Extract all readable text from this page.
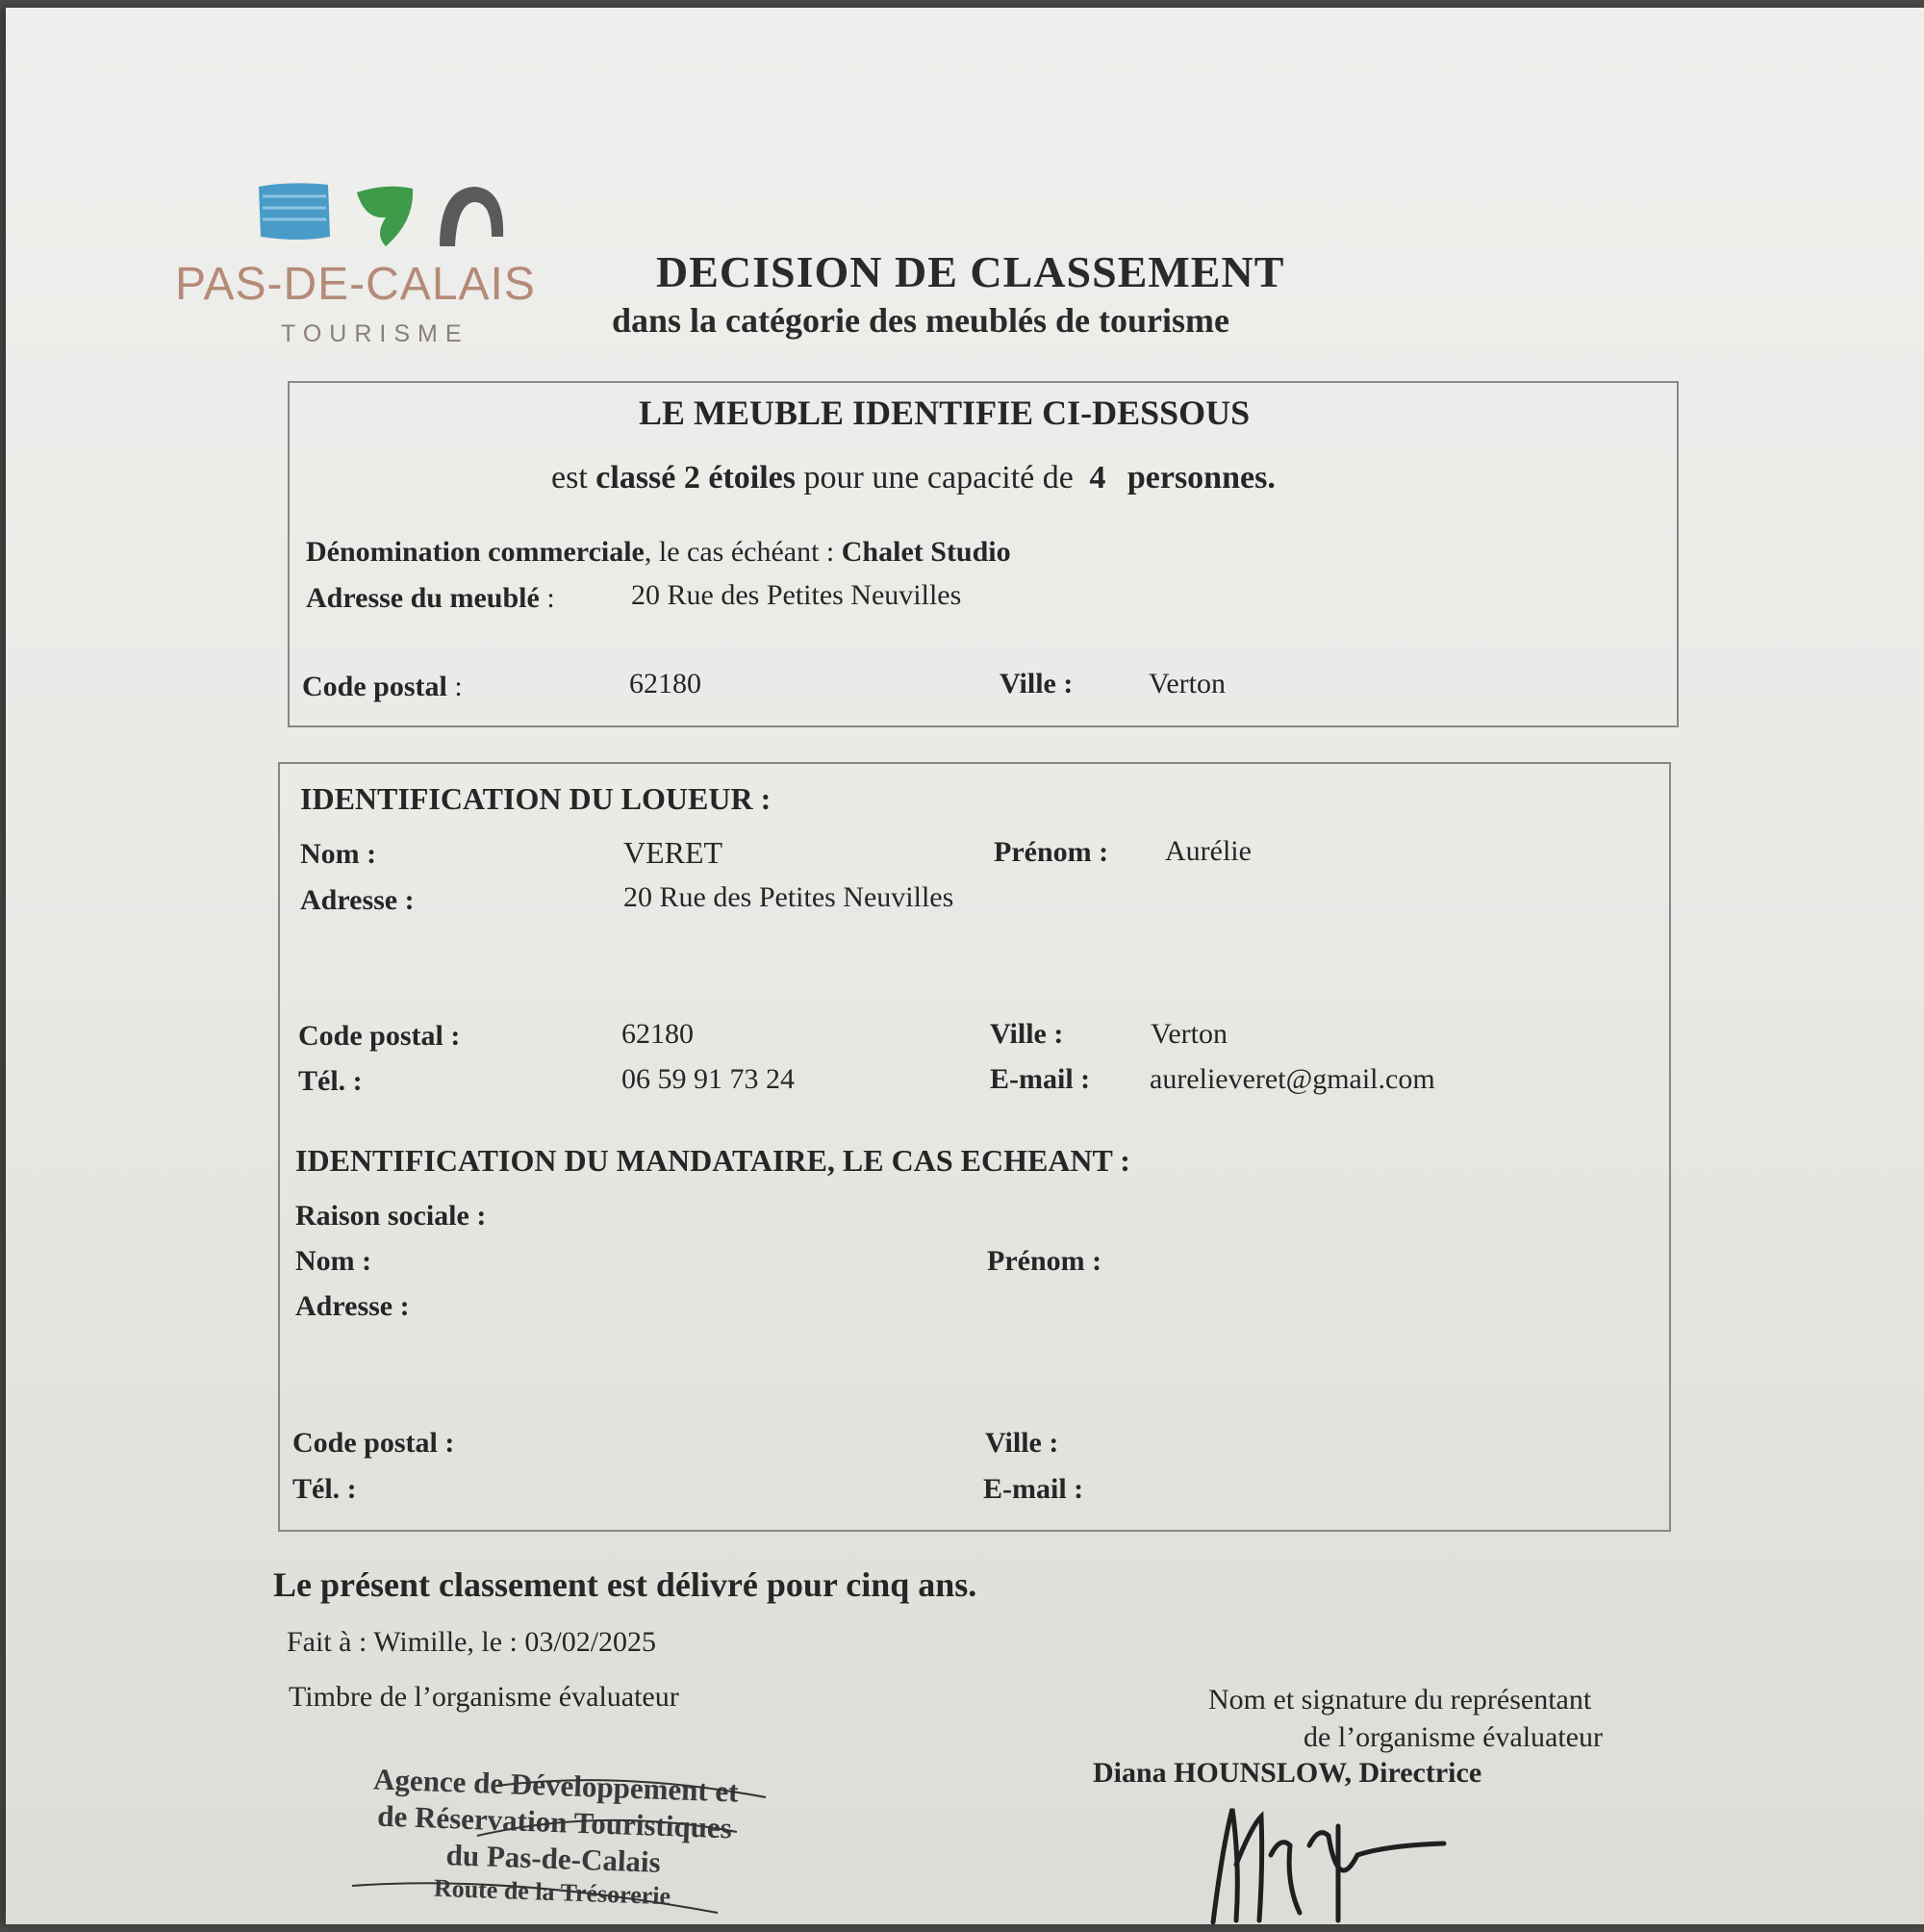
PAS-DE-CALAIS
TOURISME
DECISION DE CLASSEMENT
dans la catégorie des meublés de tourisme
LE MEUBLE IDENTIFIE CI-DESSOUS
est classé 2 étoiles pour une capacité de 4 personnes.
Dénomination commerciale, le cas échéant : Chalet Studio
Adresse du meublé :	20 Rue des Petites Neuvilles
Code postal :	62180	Ville :	Verton
IDENTIFICATION DU LOUEUR :
Nom :	VERET	Prénom : Aurélie
Adresse :	20 Rue des Petites Neuvilles
Code postal :	62180	Ville :	Verton
Tél. :	06 59 91 73 24	E-mail : aurelieveret@gmail.com
IDENTIFICATION DU MANDATAIRE, LE CAS ECHEANT :
Raison sociale :
Nom :	Prénom :
Adresse :
Code postal :	Ville :
Tél. :	E-mail :
Le présent classement est délivré pour cinq ans.
Fait à : Wimille, le : 03/02/2025
Timbre de l’organisme évaluateur	Nom et signature du représentant
de l’organisme évaluateur
Diana HOUNSLOW, Directrice
Agence de Développement et
de Réservation Touristiques
du Pas-de-Calais
Route de la Trésorerie
